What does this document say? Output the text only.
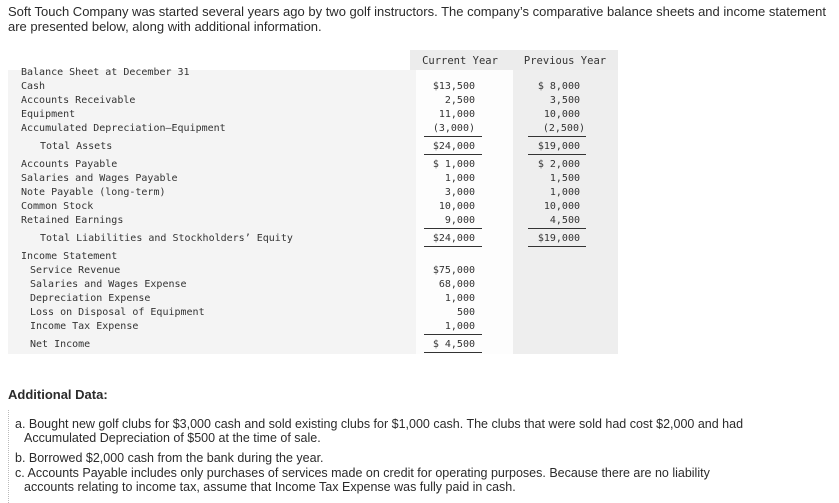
Soft Touch Company was started several years ago by two golf instructors. The company’s comparative balance sheets and income statement are presented below, along with additional information.
Current Year	Previous Year
Balance Sheet at December 31
Cash	$13,500	$ 8,000
Accounts Receivable	2,500	3,500
Equipment	11,000	10,000
Accumulated Depreciation–Equipment	(3,000)	(2,500)
Total Assets	$24,000	$19,000
Accounts Payable	$ 1,000	$ 2,000
Salaries and Wages Payable	1,000	1,500
Note Payable (long-term)	3,000	1,000
Common Stock	10,000	10,000
Retained Earnings	9,000	4,500
Total Liabilities and Stockholders’ Equity	$24,000	$19,000
Income Statement
Service Revenue	$75,000
Salaries and Wages Expense	68,000
Depreciation Expense	1,000
Loss on Disposal of Equipment	500
Income Tax Expense	1,000
Net Income	$ 4,500
Additional Data:
a. Bought new golf clubs for $3,000 cash and sold existing clubs for $1,000 cash. The clubs that were sold had cost $2,000 and had
Accumulated Depreciation of $500 at the time of sale.
b. Borrowed $2,000 cash from the bank during the year.
c. Accounts Payable includes only purchases of services made on credit for operating purposes. Because there are no liability
accounts relating to income tax, assume that Income Tax Expense was fully paid in cash.
